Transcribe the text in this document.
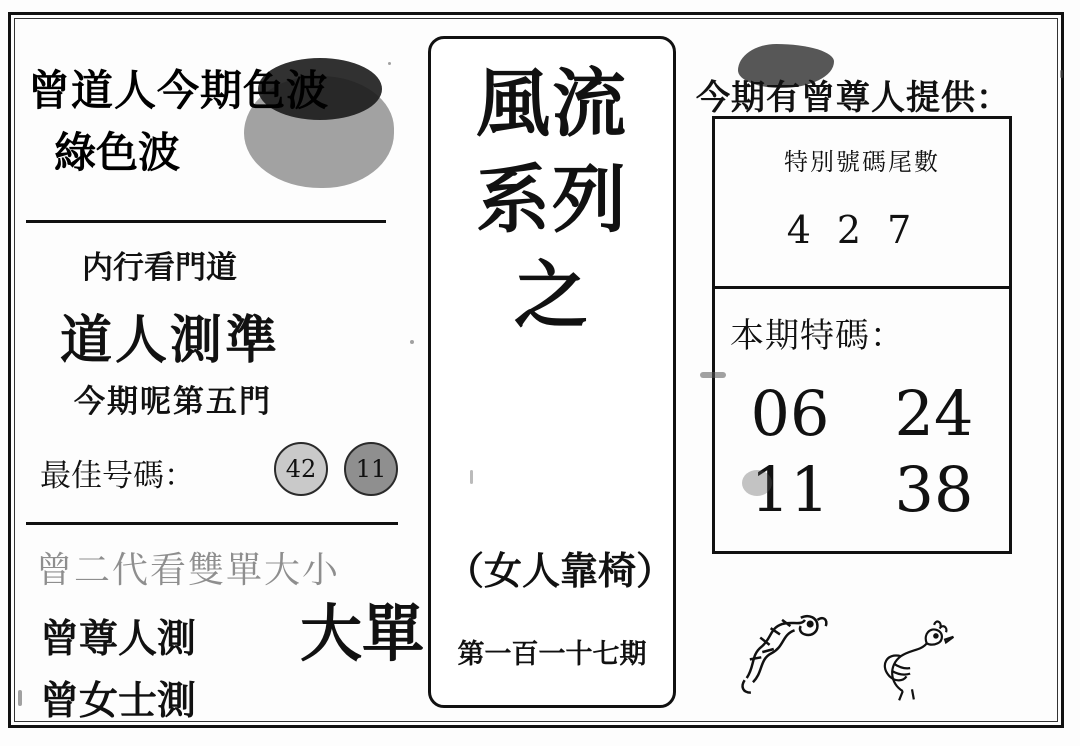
曾道人今期色波
綠色波
内行看門道
道人測準
今期呢第五門
最佳号碼：	42	11
曾二代看雙單大小
曾尊人測
曾女士測
大單
風流系列之
（女人靠椅）
第一百一十七期
今期有曾尊人提供：
特別號碼尾數
427
本期特碼：
06	24
11	38
